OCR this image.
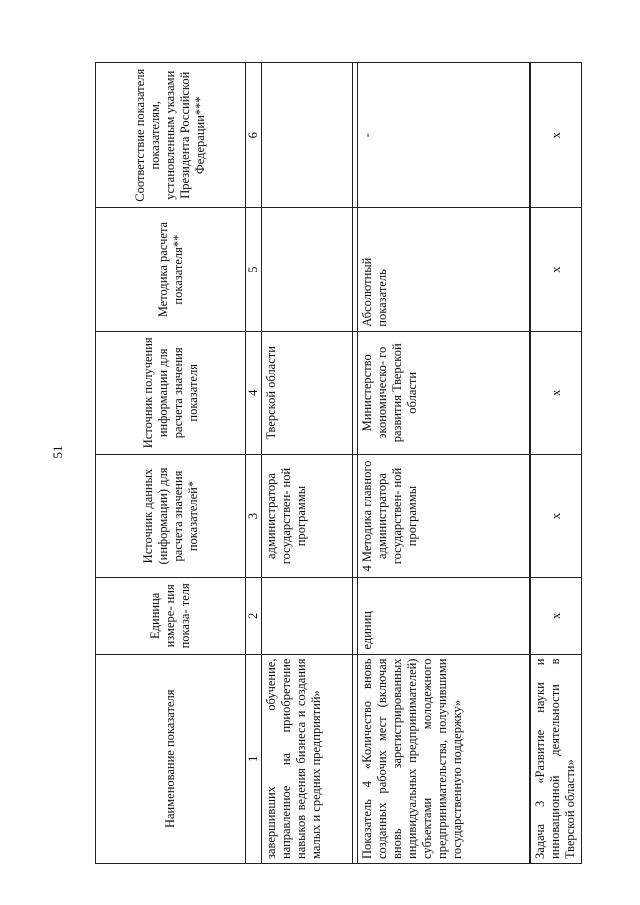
51
Наименование показателя	Единица измере- ния показа- теля	Источник данных (информации) для расчета значения показателей*	Источник получения информации для расчета значения показателя	Методика расчета показателя**	Соответствие показателя показателям, установленным указами Президента Российской Федерации***
1	2	3	4	5	6
завершивших обучение, направленное на приобретение навыков ведения бизнеса и создания малых и средних предприятий»		администратора государствен- ной программы	Тверской области		

Показатель 4 «Количество вновь созданных рабочих мест (включая вновь зарегистрированных индивидуальных предпринимателей) субъектами молодежного предпринимательства, получившими государственную поддержку»	единиц	4 Методика главного администратора государствен- ной программы	Министерство экономическо- го развития Тверской области	Абсолютный показатель	-
Задача 3 «Развитие науки и инновационной деятельности в Тверской области»	х	х	х	х	х
